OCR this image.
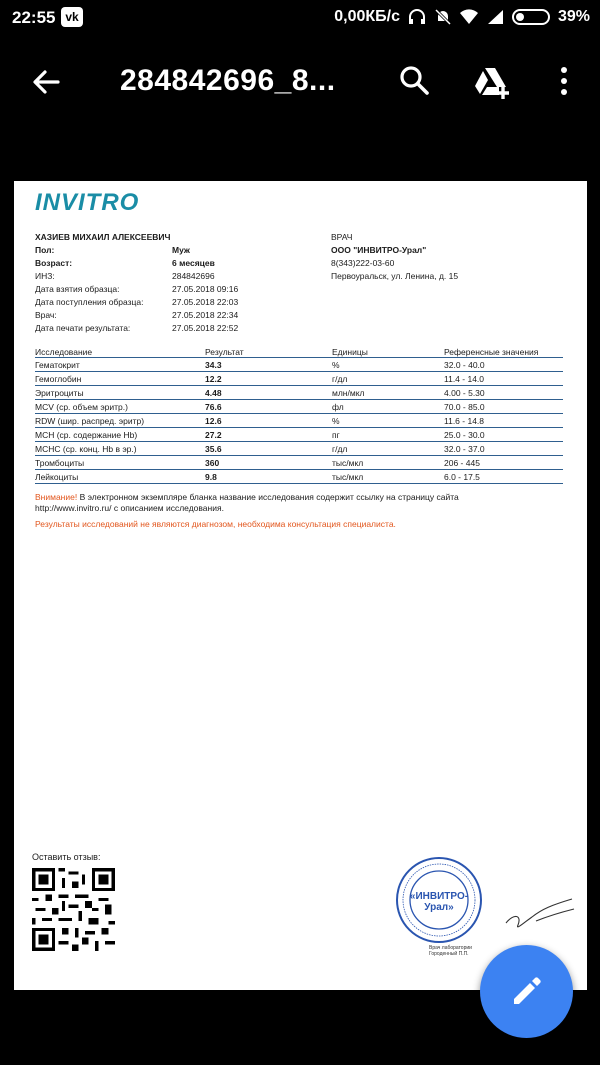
22:55 vk	0,00КБ/с	39%
284842696_8...
INVITRO
ХАЗИЕВ МИХАИЛ АЛЕКСЕЕВИЧ
Пол:	Муж
Возраст:	6 месяцев
ИНЗ:	284842696
Дата взятия образца:	27.05.2018 09:16
Дата поступления образца:	27.05.2018 22:03
Врач:	27.05.2018 22:34
Дата печати результата:	27.05.2018 22:52
ВРАЧ
ООО "ИНВИТРО-Урал"
8(343)222-03-60
Первоуральск, ул. Ленина, д. 15
Исследование	Результат	Единицы	Референсные значения
Гематокрит	34.3	%	32.0 - 40.0
Гемоглобин	12.2	г/дл	11.4 - 14.0
Эритроциты	4.48	млн/мкл	4.00 - 5.30
MCV (ср. объем эритр.)	76.6	фл	70.0 - 85.0
RDW (шир. распред. эритр)	12.6	%	11.6 - 14.8
MCH (ср. содержание Hb)	27.2	пг	25.0 - 30.0
MCHC (ср. конц. Hb в эр.)	35.6	г/дл	32.0 - 37.0
Тромбоциты	360	тыс/мкл	206 - 445
Лейкоциты	9.8	тыс/мкл	6.0 - 17.5
Внимание! В электронном экземпляре бланка название исследования содержит ссылку на страницу сайта
http://www.invitro.ru/ с описанием исследования.
Результаты исследований не являются диагнозом, необходима консультация специалиста.
Оставить отзыв:
«ИНВИТРО-
Урал»
Врач лаборатории
Городенный П.П.
